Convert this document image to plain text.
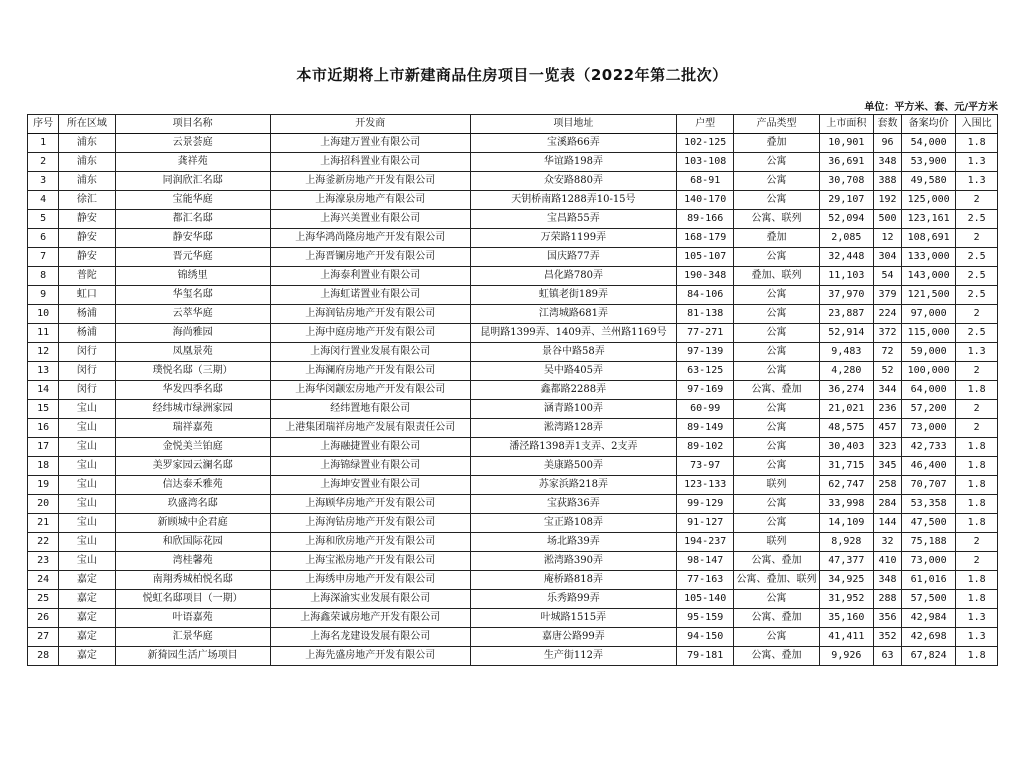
本市近期将上市新建商品住房项目一览表（2022年第二批次）
单位：平方米、套、元/平方米
序号	所在区域	项目名称	开发商	项目地址	户型	产品类型	上市面积	套数	备案均价	入围比
1	浦东	云景荟庭	上海建万置业有限公司	宝溪路66弄	102-125	叠加	10,901	96	54,000	1.8
2	浦东	龚祥苑	上海招科置业有限公司	华谊路198弄	103-108	公寓	36,691	348	53,900	1.3
3	浦东	同润欣汇名邸	上海釜新房地产开发有限公司	众安路880弄	68-91	公寓	30,708	388	49,580	1.3
4	徐汇	宝能华庭	上海濠泉房地产有限公司	天钥桥南路1288弄10-15号	140-170	公寓	29,107	192	125,000	2
5	静安	都汇名邸	上海兴美置业有限公司	宝昌路55弄	89-166	公寓、联列	52,094	500	123,161	2.5
6	静安	静安华邸	上海华鸿尚隆房地产开发有限公司	万荣路1199弄	168-179	叠加	2,085	12	108,691	2
7	静安	晋元华庭	上海晋镧房地产开发有限公司	国庆路77弄	105-107	公寓	32,448	304	133,000	2.5
8	普陀	锦绣里	上海泰利置业有限公司	昌化路780弄	190-348	叠加、联列	11,103	54	143,000	2.5
9	虹口	华玺名邸	上海虹诺置业有限公司	虹镇老街189弄	84-106	公寓	37,970	379	121,500	2.5
10	杨浦	云萃华庭	上海润钻房地产开发有限公司	江湾城路681弄	81-138	公寓	23,887	224	97,000	2
11	杨浦	海尚雅园	上海中庭房地产开发有限公司	昆明路1399弄、1409弄、兰州路1169号	77-271	公寓	52,914	372	115,000	2.5
12	闵行	凤凰景苑	上海闵行置业发展有限公司	景谷中路58弄	97-139	公寓	9,483	72	59,000	1.3
13	闵行	璞悦名邸（三期）	上海澜府房地产开发有限公司	吴中路405弄	63-125	公寓	4,280	52	100,000	2
14	闵行	华发四季名邸	上海华闵颛宏房地产开发有限公司	鑫都路2288弄	97-169	公寓、叠加	36,274	344	64,000	1.8
15	宝山	经纬城市绿洲家园	经纬置地有限公司	涵青路100弄	60-99	公寓	21,021	236	57,200	2
16	宝山	瑞祥嘉苑	上港集团瑞祥房地产发展有限责任公司	淞湾路128弄	89-149	公寓	48,575	457	73,000	2
17	宝山	金悦美兰铂庭	上海融捷置业有限公司	潘泾路1398弄1支弄、2支弄	89-102	公寓	30,403	323	42,733	1.8
18	宝山	美罗家园云澜名邸	上海锦绿置业有限公司	美康路500弄	73-97	公寓	31,715	345	46,400	1.8
19	宝山	信达泰禾雅苑	上海坤安置业有限公司	苏家浜路218弄	123-133	联列	62,747	258	70,707	1.8
20	宝山	玖盛湾名邸	上海顾华房地产开发有限公司	宝荻路36弄	99-129	公寓	33,998	284	53,358	1.8
21	宝山	新顾城中企君庭	上海洵钻房地产开发有限公司	宝正路108弄	91-127	公寓	14,109	144	47,500	1.8
22	宝山	和欣国际花园	上海和欣房地产开发有限公司	场北路39弄	194-237	联列	8,928	32	75,188	2
23	宝山	湾桂馨苑	上海宝淞房地产开发有限公司	淞湾路390弄	98-147	公寓、叠加	47,377	410	73,000	2
24	嘉定	南翔秀城柏悦名邸	上海绣申房地产开发有限公司	庵桥路818弄	77-163	公寓、叠加、联列	34,925	348	61,016	1.8
25	嘉定	悦虹名邸项目（一期）	上海深渝实业发展有限公司	乐秀路99弄	105-140	公寓	31,952	288	57,500	1.8
26	嘉定	叶语嘉苑	上海鑫荣诚房地产开发有限公司	叶城路1515弄	95-159	公寓、叠加	35,160	356	42,984	1.3
27	嘉定	汇景华庭	上海名龙建设发展有限公司	嘉唐公路99弄	94-150	公寓	41,411	352	42,698	1.3
28	嘉定	新猗园生活广场项目	上海先盛房地产开发有限公司	生产街112弄	79-181	公寓、叠加	9,926	63	67,824	1.8
